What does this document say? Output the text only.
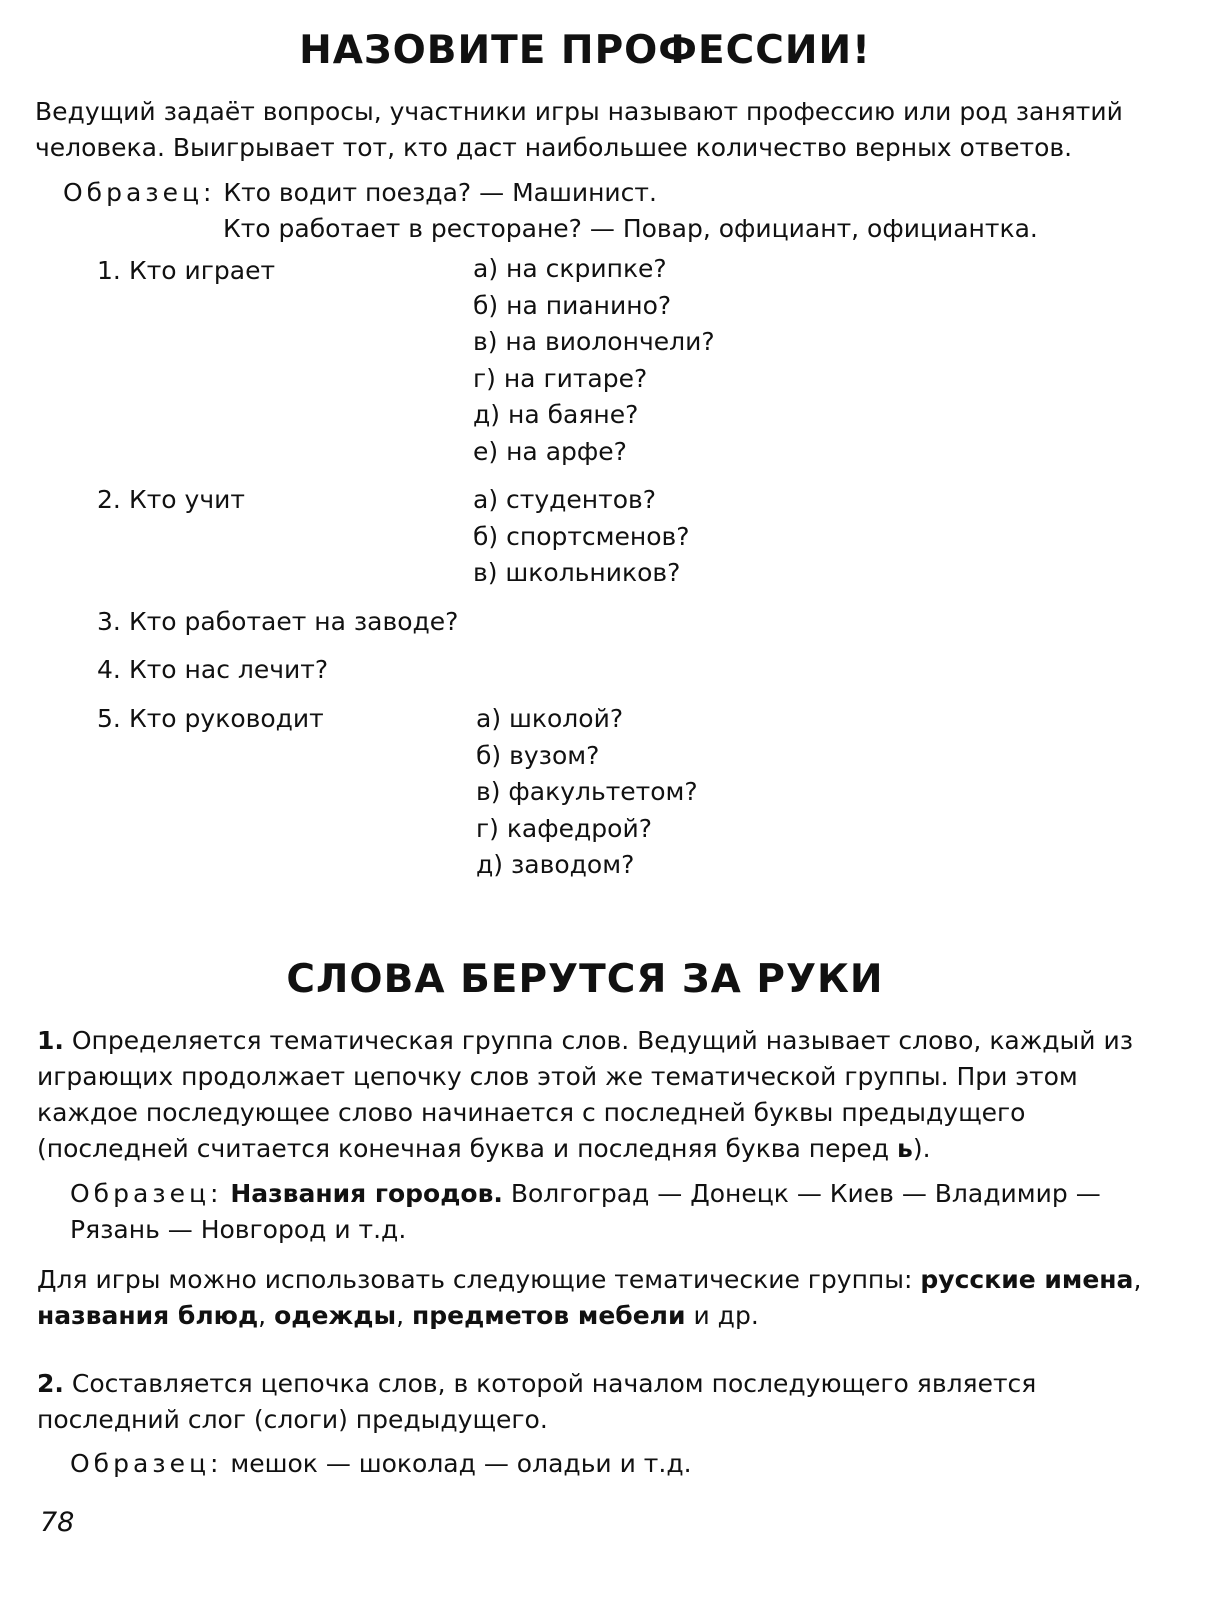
НАЗОВИТЕ ПРОФЕССИИ!

Ведущий задаёт вопросы, участники игры называют профессию или род занятий человека. Выигрывает тот, кто даст наибольшее количество верных ответов.

Образец: Кто водит поезда? — Машинист.
Кто работает в ресторане? — Повар, официант, официантка.
1. Кто играет	а) на скрипке?
б) на пианино?
в) на виолончели?
г) на гитаре?
д) на баяне?
е) на арфе?
2. Кто учит	а) студентов?
б) спортсменов?
в) школьников?
3. Кто работает на заводе?
4. Кто нас лечит?
5. Кто руководит	а) школой?
б) вузом?
в) факультетом?
г) кафедрой?
д) заводом?
СЛОВА БЕРУТСЯ ЗА РУКИ

1. Определяется тематическая группа слов. Ведущий называет слово, каждый из играющих продолжает цепочку слов этой же тематической группы. При этом каждое последующее слово начинается с последней буквы предыдущего (последней считается конечная буква и последняя буква перед ь).

Образец: Названия городов. Волгоград — Донецк — Киев — Владимир — Рязань — Новгород и т.д.

Для игры можно использовать следующие тематические группы: русские имена, названия блюд, одежды, предметов мебели и др.

2. Составляется цепочка слов, в которой началом последующего является последний слог (слоги) предыдущего.

Образец: мешок — шоколад — оладьи и т.д.
78
